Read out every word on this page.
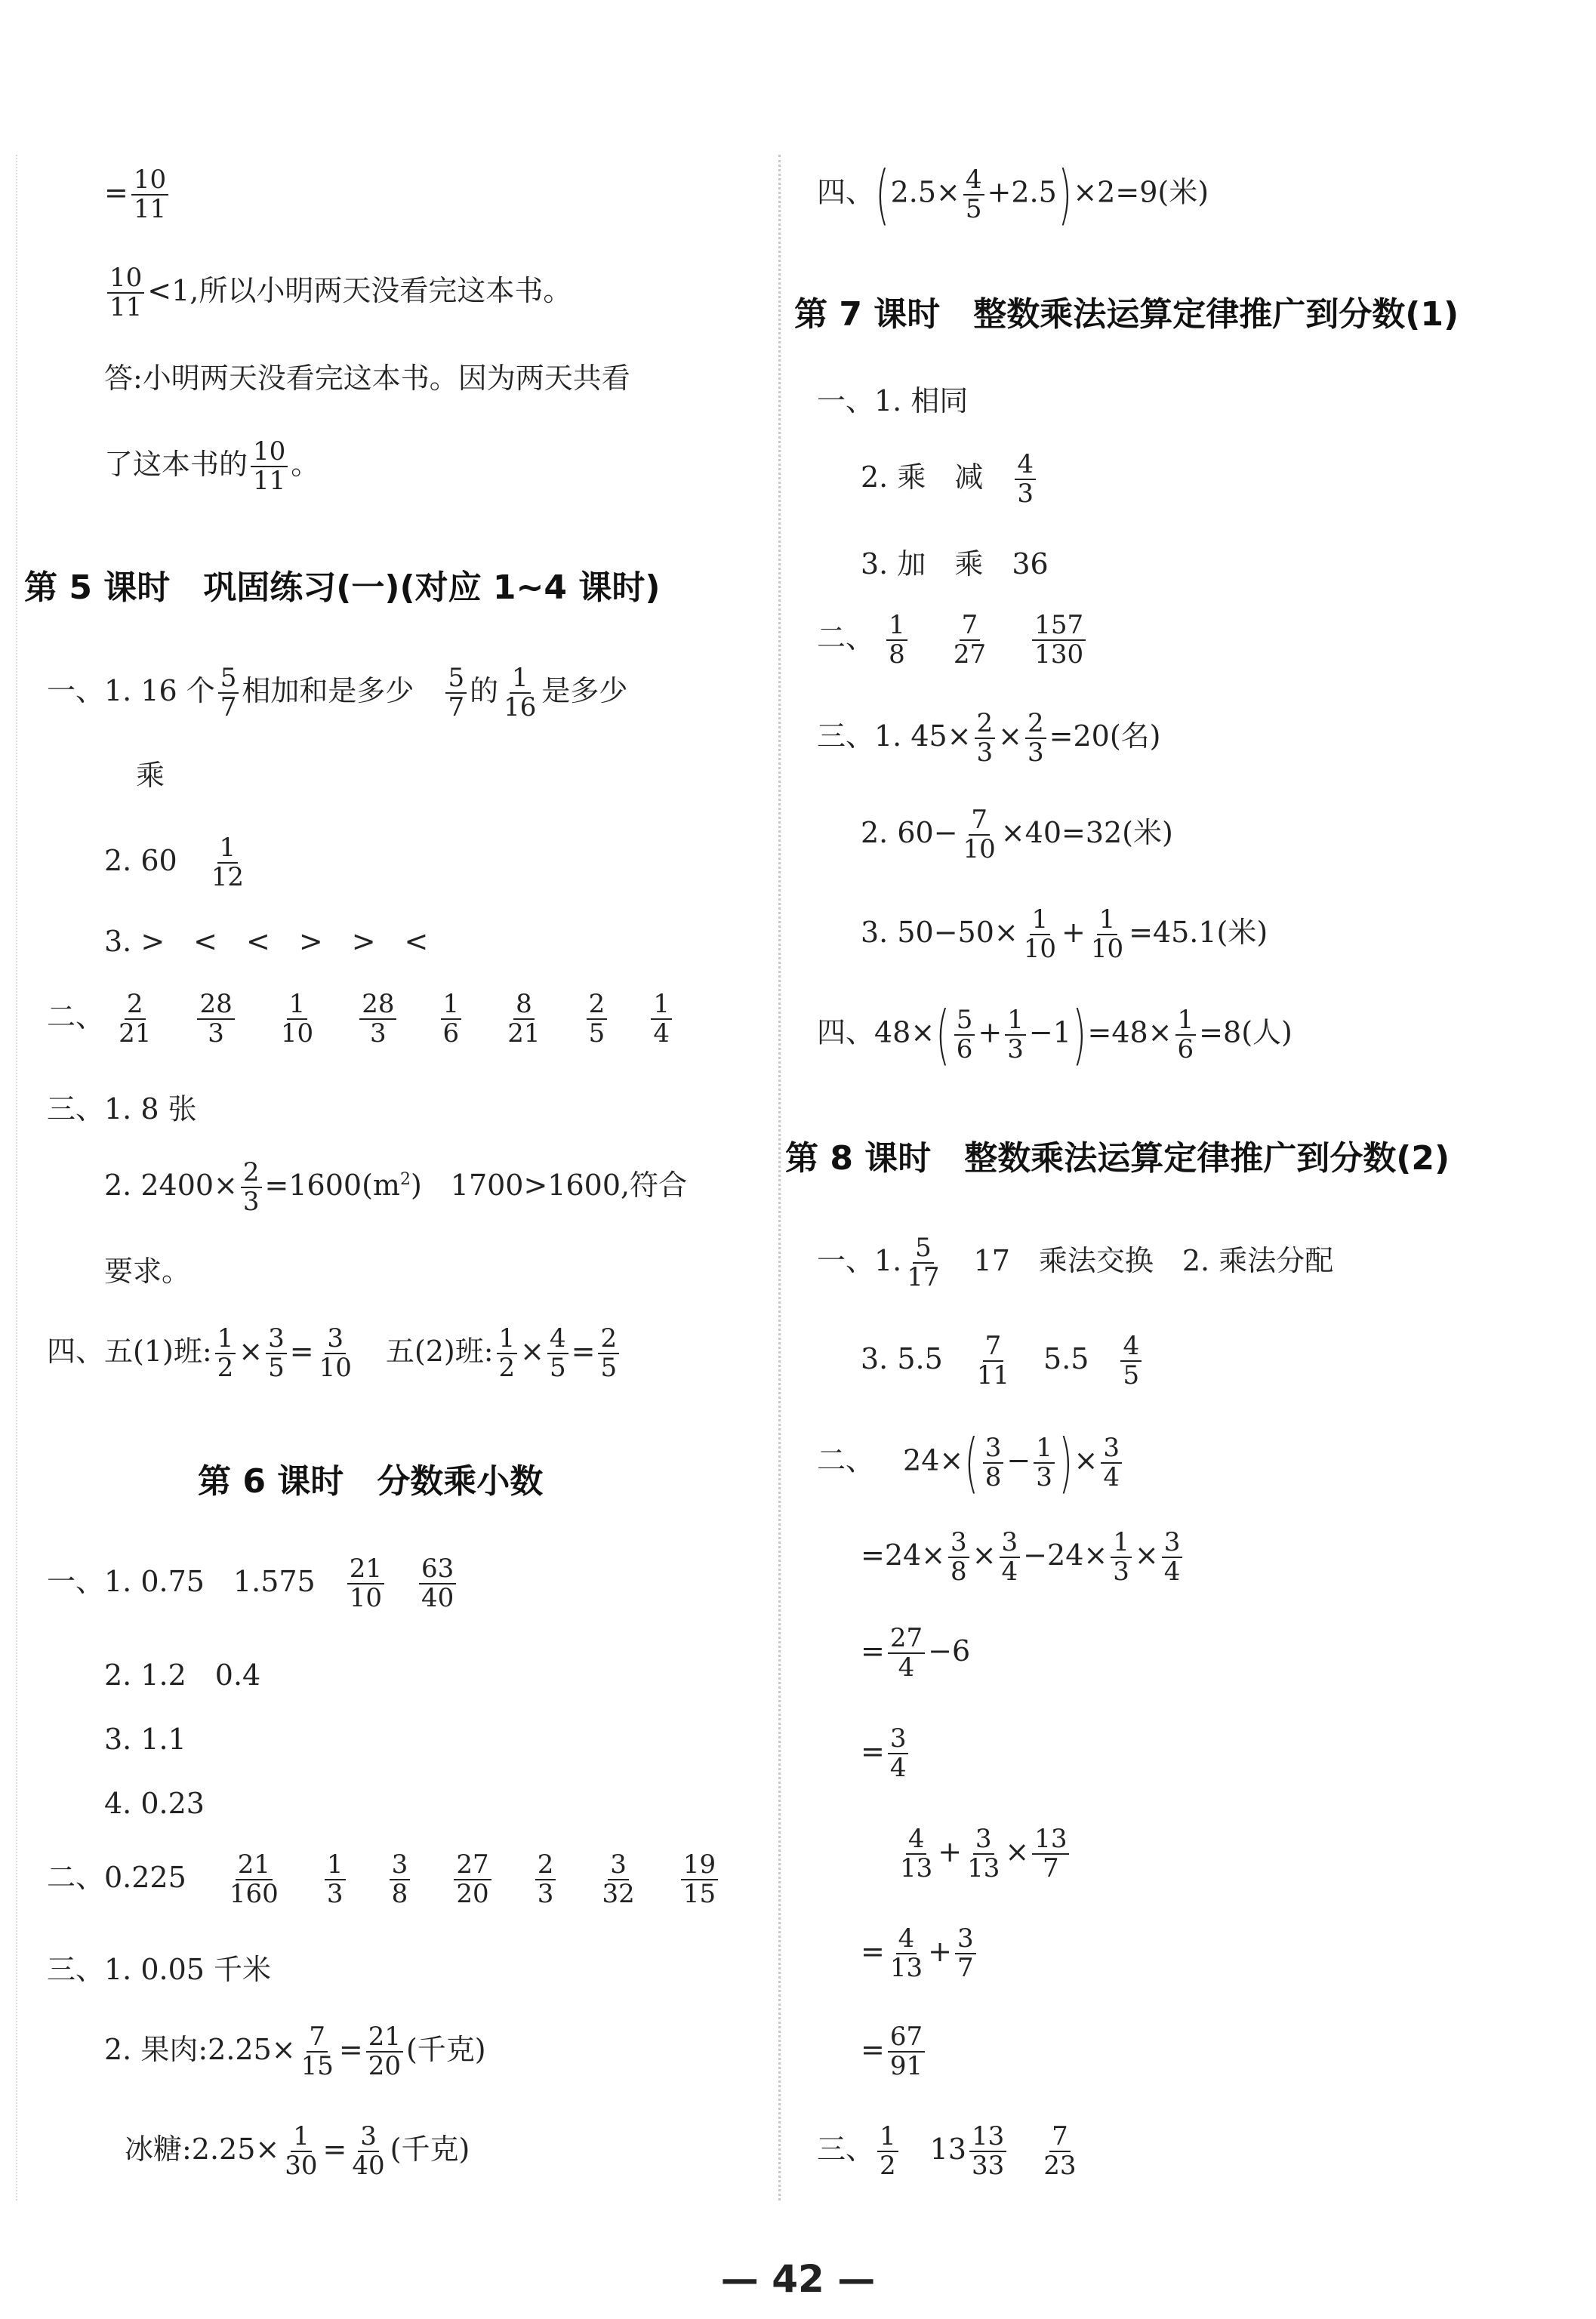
= $\frac{10}{11}$
$\frac{10}{11} <1$,所以小明两天没看完这本书。
答:小明两天没看完这本书。因为两天共看
了这本书的 $\frac{10}{11}$ 。
第 5 课时　巩固练习(一)(对应 1~4 课时)
一、1. 16 个 $\frac{5}{7}$ 相加和是多少 $\frac{5}{7}$ 的 $\frac{1}{16}$ 是多少
乘
2. $60 \frac{1}{12}$
3. >　<　<　>　>　<
二、 $\frac{2}{21}$
$\frac{28}{3}$
$\frac{1}{10}$
$\frac{28}{3}$
$\frac{1}{6}$
$\frac{8}{21}$
$\frac{2}{5}$
$\frac{1}{4}$
三、1. 8 张
2. $2400\times \frac{2}{3} =1600(m^2)$　1700>1600,符合
要求。
四、五(1)班: $\frac{1}{2} \times \frac{3}{5} = \frac{3}{10}$ 五(2)班: $\frac{1}{2} \times \frac{4}{5} = \frac{2}{5}$
第 6 课时　分数乘小数
一、1. 0.75　$1.575 \frac{21}{10} \frac{63}{40}$
2. 1.2　0.4
3. 1.1
4. 0.23
二、$0.225 \frac{21}{160}$
$\frac{1}{3}$
$\frac{3}{8}$
$\frac{27}{20}$
$\frac{2}{3}$
$\frac{3}{32}$
$\frac{19}{15}$
三、1. 0.05 千米
2. 果肉:2.25× $\frac{7}{15} = \frac{21}{20}$ (千克)
冰糖:2.25× $\frac{1}{30} = \frac{3}{40}$ (千克)
四、$(2.5\times \frac{4}{5} +2.5)\times 2=9$(米)
第 7 课时　整数乘法运算定律推广到分数(1)
一、1. 相同
2. 乘　减 $\frac{4}{3}$
3. 加　乘　36
二、 $\frac{1}{8}$
$\frac{7}{27}$
$\frac{157}{130}$
三、1. $45\times \frac{2}{3} \times \frac{2}{3} =20$(名)
2. $60- \frac{7}{10} \times 40=32$(米)
3. $50-50\times \frac{1}{10} + \frac{1}{10} =45.1$(米)
四、$48\times( \frac{5}{6} + \frac{1}{3} -1)=48\times \frac{1}{6} =8$(人)
第 8 课时　整数乘法运算定律推广到分数(2)
一、1. $\frac{5}{17} 17$　乘法交换　2. 乘法分配
3. $5.5 \frac{7}{11} 5.5 \frac{4}{5}$
二、 $24\times( \frac{3}{8} - \frac{1}{3}$ )× $\frac{3}{4}$
$=24\times \frac{3}{8} \times \frac{3}{4} -24\times \frac{1}{3} \times \frac{3}{4}$
= $\frac{27}{4} -6$
= $\frac{3}{4}$
$\frac{4}{13} + \frac{3}{13} \times \frac{13}{7}$
= $\frac{4}{13} + \frac{3}{7}$
= $\frac{67}{91}$
三、 $\frac{1}{2} 13 \frac{13}{33} \frac{7}{23}$
— 42 —
